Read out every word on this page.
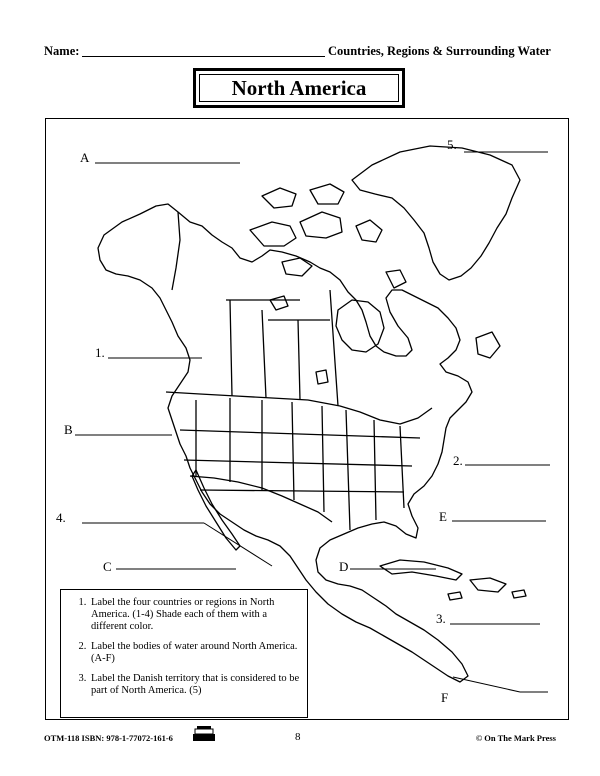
Name:	Countries, Regions & Surrounding Water
North America
A
5.
1.
B
2.
4.	E
C	D
3.
F
1. Label the four countries or regions in North America. (1-4) Shade each of them with a different color.
2. Label the bodies of water around North America. (A-F)
3. Label the Danish territory that is considered to be part of North America. (5)
OTM-118 ISBN: 978-1-77072-161-6	8	© On The Mark Press
